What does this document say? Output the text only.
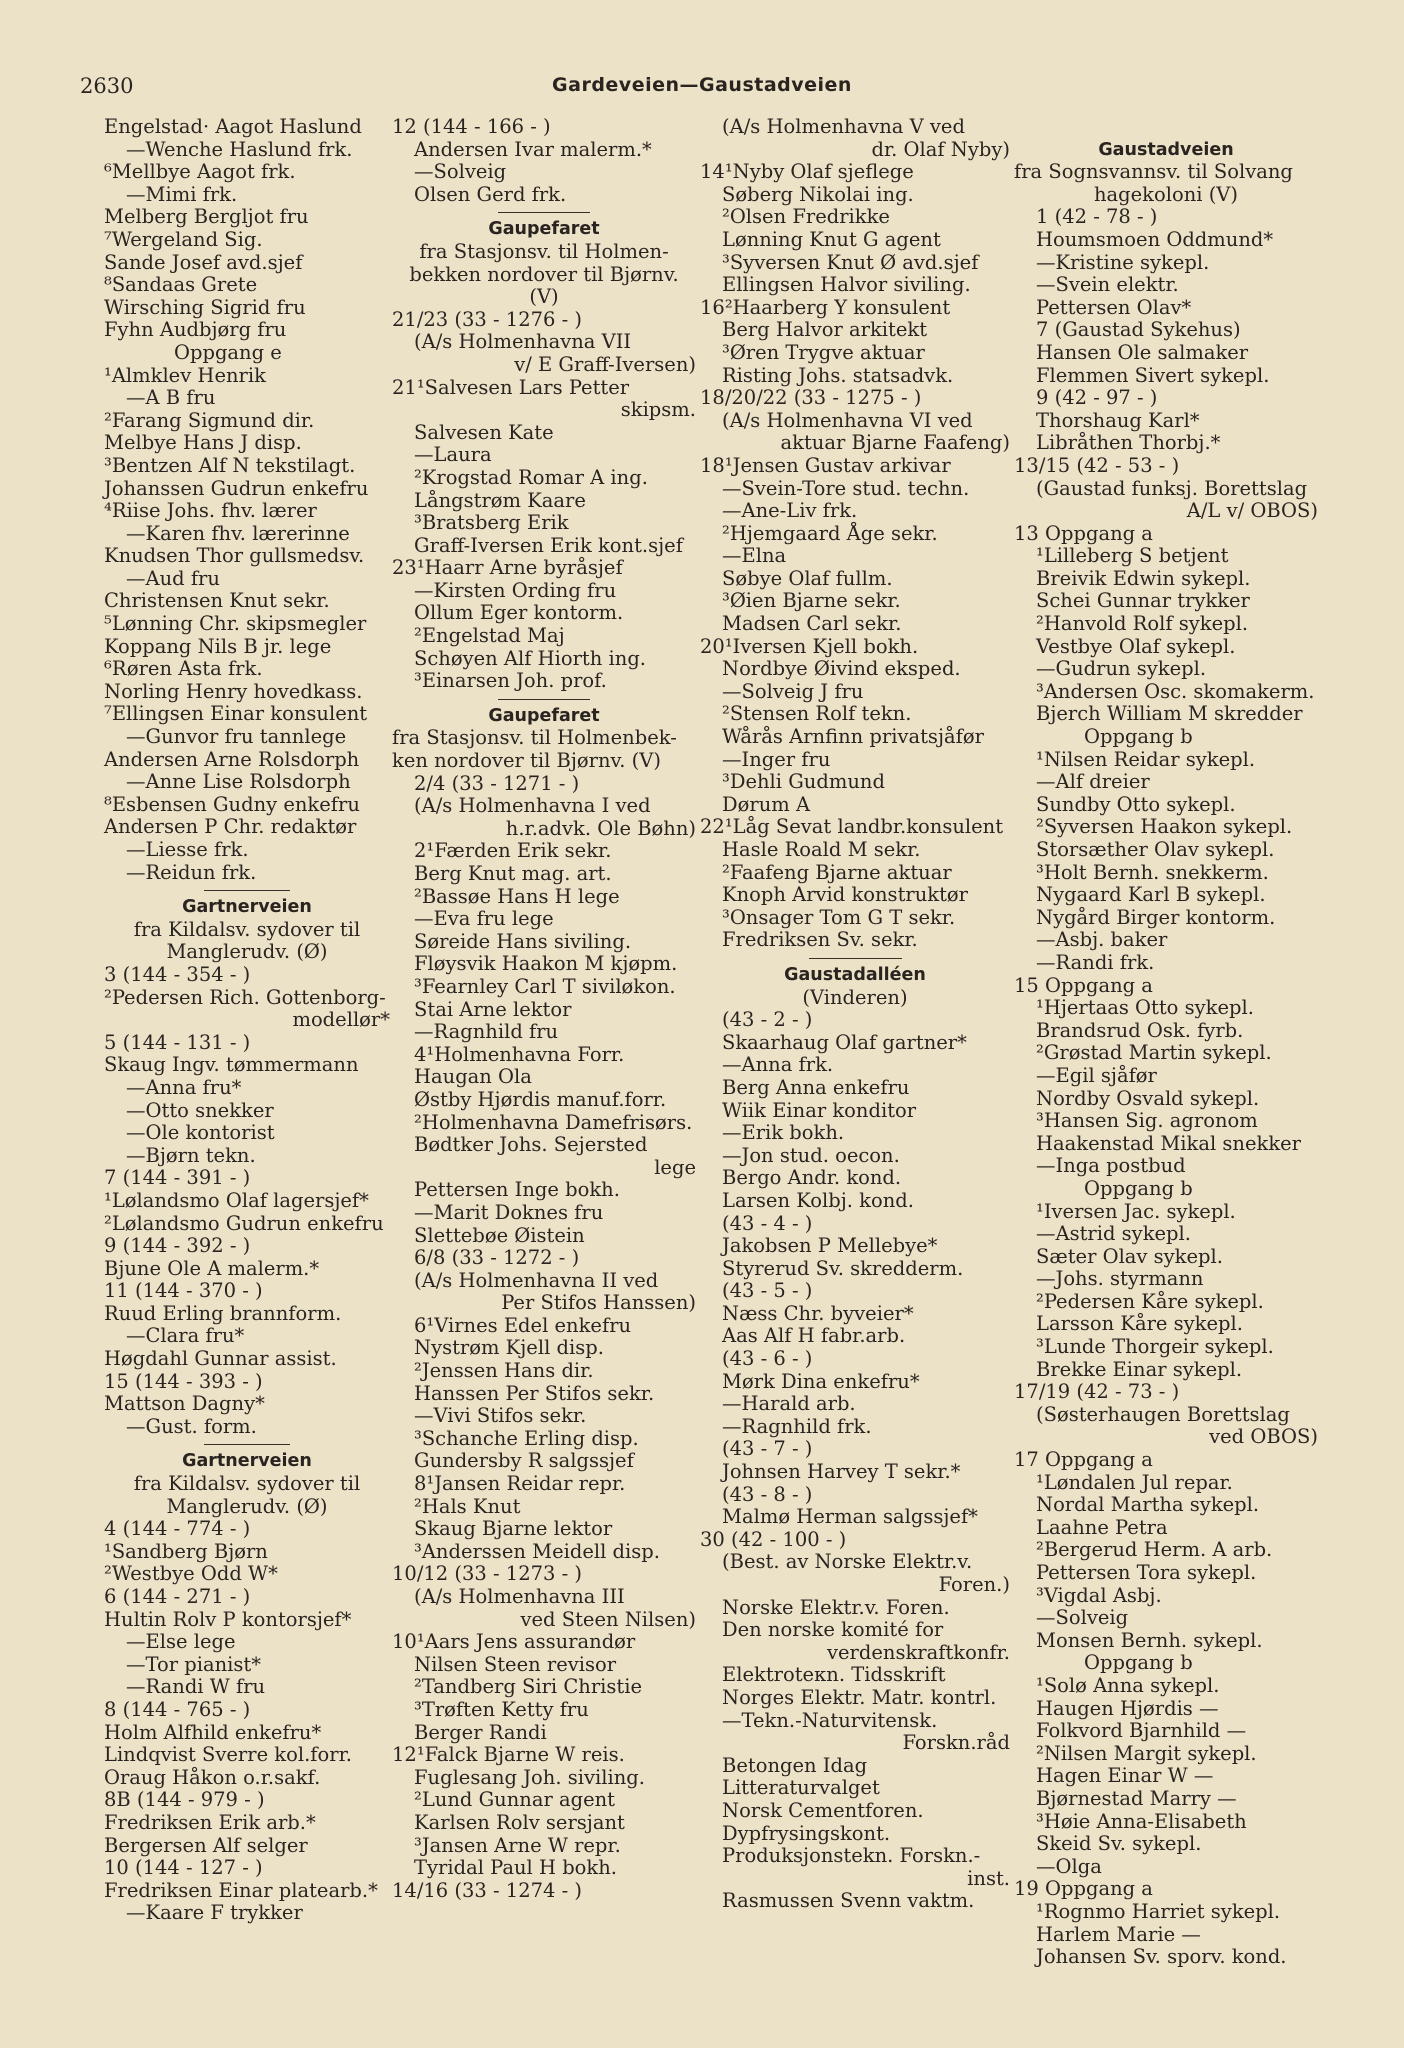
2630	Gardeveien—Gaustadveien
Engelstad· Aagot Haslund
—Wenche Haslund frk.
⁶Mellbye Aagot frk.
—Mimi frk.
Melberg Bergljot fru
⁷Wergeland Sig.
Sande Josef avd.sjef
⁸Sandaas Grete
Wirsching Sigrid fru
Fyhn Audbjørg fru
Oppgang e
¹Almklev Henrik
—A B fru
²Farang Sigmund dir.
Melbye Hans J disp.
³Bentzen Alf N tekstilagt.
Johanssen Gudrun enkefru
⁴Riise Johs. fhv. lærer
—Karen fhv. lærerinne
Knudsen Thor gullsmedsv.
—Aud fru
Christensen Knut sekr.
⁵Lønning Chr. skipsmegler
Koppang Nils B jr. lege
⁶Røren Asta frk.
Norling Henry hovedkass.
⁷Ellingsen Einar konsulent
—Gunvor fru tannlege
Andersen Arne Rolsdorph
—Anne Lise Rolsdorph
⁸Esbensen Gudny enkefru
Andersen P Chr. redaktør
—Liesse frk.
—Reidun frk.
Gartnerveien
fra Kildalsv. sydover til
Manglerudv. (Ø)
3 (144 - 354 - )
²Pedersen Rich. Gottenborg-
modellør*
5 (144 - 131 - )
Skaug Ingv. tømmermann
—Anna fru*
—Otto snekker
—Ole kontorist
—Bjørn tekn.
7 (144 - 391 - )
¹Lølandsmo Olaf lagersjef*
²Lølandsmo Gudrun enkefru
9 (144 - 392 - )
Bjune Ole A malerm.*
11 (144 - 370 - )
Ruud Erling brannform.
—Clara fru*
Høgdahl Gunnar assist.
15 (144 - 393 - )
Mattson Dagny*
—Gust. form.
Gartnerveien
fra Kildalsv. sydover til
Manglerudv. (Ø)
4 (144 - 774 - )
¹Sandberg Bjørn
²Westbye Odd W*
6 (144 - 271 - )
Hultin Rolv P kontorsjef*
—Else lege
—Tor pianist*
—Randi W fru
8 (144 - 765 - )
Holm Alfhild enkefru*
Lindqvist Sverre kol.forr.
Oraug Håkon o.r.sakf.
8B (144 - 979 - )
Fredriksen Erik arb.*
Bergersen Alf selger
10 (144 - 127 - )
Fredriksen Einar platearb.*
—Kaare F trykker
12 (144 - 166 - )
Andersen Ivar malerm.*
—Solveig
Olsen Gerd frk.
Gaupefaret
fra Stasjonsv. til Holmen-
bekken nordover til Bjørnv.
(V)
21/23 (33 - 1276 - )
(A/s Holmenhavna VII
v/ E Graff-Iversen)
21¹Salvesen Lars Petter
skipsm.
Salvesen Kate
—Laura
²Krogstad Romar A ing.
Långstrøm Kaare
³Bratsberg Erik
Graff-Iversen Erik kont.sjef
23¹Haarr Arne byråsjef
—Kirsten Ording fru
Ollum Eger kontorm.
²Engelstad Maj
Schøyen Alf Hiorth ing.
³Einarsen Joh. prof.
Gaupefaret
fra Stasjonsv. til Holmenbek-
ken nordover til Bjørnv. (V)
2/4 (33 - 1271 - )
(A/s Holmenhavna I ved
h.r.advk. Ole Bøhn)
2¹Færden Erik sekr.
Berg Knut mag. art.
²Bassøe Hans H lege
—Eva fru lege
Søreide Hans siviling.
Fløysvik Haakon M kjøpm.
³Fearnley Carl T siviløkon.
Stai Arne lektor
—Ragnhild fru
4¹Holmenhavna Forr.
Haugan Ola
Østby Hjørdis manuf.forr.
²Holmenhavna Damefrisørs.
Bødtker Johs. Sejersted
lege
Pettersen Inge bokh.
—Marit Doknes fru
Slettebøe Øistein
6/8 (33 - 1272 - )
(A/s Holmenhavna II ved
Per Stifos Hanssen)
6¹Virnes Edel enkefru
Nystrøm Kjell disp.
²Jenssen Hans dir.
Hanssen Per Stifos sekr.
—Vivi Stifos sekr.
³Schanche Erling disp.
Gundersby R salgssjef
8¹Jansen Reidar repr.
²Hals Knut
Skaug Bjarne lektor
³Anderssen Meidell disp.
10/12 (33 - 1273 - )
(A/s Holmenhavna III
ved Steen Nilsen)
10¹Aars Jens assurandør
Nilsen Steen revisor
²Tandberg Siri Christie
³Trøften Ketty fru
Berger Randi
12¹Falck Bjarne W reis.
Fuglesang Joh. siviling.
²Lund Gunnar agent
Karlsen Rolv sersjant
³Jansen Arne W repr.
Tyridal Paul H bokh.
14/16 (33 - 1274 - )
(A/s Holmenhavna V ved
dr. Olaf Nyby)
14¹Nyby Olaf sjeflege
Søberg Nikolai ing.
²Olsen Fredrikke
Lønning Knut G agent
³Syversen Knut Ø avd.sjef
Ellingsen Halvor siviling.
16²Haarberg Y konsulent
Berg Halvor arkitekt
³Øren Trygve aktuar
Risting Johs. statsadvk.
18/20/22 (33 - 1275 - )
(A/s Holmenhavna VI ved
aktuar Bjarne Faafeng)
18¹Jensen Gustav arkivar
—Svein-Tore stud. techn.
—Ane-Liv frk.
²Hjemgaard Åge sekr.
—Elna
Søbye Olaf fullm.
³Øien Bjarne sekr.
Madsen Carl sekr.
20¹Iversen Kjell bokh.
Nordbye Øivind eksped.
—Solveig J fru
²Stensen Rolf tekn.
Wårås Arnfinn privatsjåfør
—Inger fru
³Dehli Gudmund
Dørum A
22¹Låg Sevat landbr.konsulent
Hasle Roald M sekr.
²Faafeng Bjarne aktuar
Knoph Arvid konstruktør
³Onsager Tom G T sekr.
Fredriksen Sv. sekr.
Gaustadalléen
(Vinderen)
(43 - 2 - )
Skaarhaug Olaf gartner*
—Anna frk.
Berg Anna enkefru
Wiik Einar konditor
—Erik bokh.
—Jon stud. oecon.
Bergo Andr. kond.
Larsen Kolbj. kond.
(43 - 4 - )
Jakobsen P Mellebye*
Styrerud Sv. skredderm.
(43 - 5 - )
Næss Chr. byveier*
Aas Alf H fabr.arb.
(43 - 6 - )
Mørk Dina enkefru*
—Harald arb.
—Ragnhild frk.
(43 - 7 - )
Johnsen Harvey T sekr.*
(43 - 8 - )
Malmø Herman salgssjef*
30 (42 - 100 - )
(Best. av Norske Elektr.v.
Foren.)
Norske Elektr.v. Foren.
Den norske komité for
verdenskraftkonfr.
Elektroteкn. Tidsskrift
Norges Elektr. Matr. kontrl.
—Tekn.-Naturvitensk.
Forskn.råd
Betongen Idag
Litteraturvalget
Norsk Cementforen.
Dypfrysingskont.
Produksjonstekn. Forskn.-
inst.
Rasmussen Svenn vaktm.
Gaustadveien
fra Sognsvannsv. til Solvang
hagekoloni (V)
1 (42 - 78 - )
Houmsmoen Oddmund*
—Kristine sykepl.
—Svein elektr.
Pettersen Olav*
7 (Gaustad Sykehus)
Hansen Ole salmaker
Flemmen Sivert sykepl.
9 (42 - 97 - )
Thorshaug Karl*
Libråthen Thorbj.*
13/15 (42 - 53 - )
(Gaustad funksj. Borettslag
A/L v/ OBOS)
13 Oppgang a
¹Lilleberg S betjent
Breivik Edwin sykepl.
Schei Gunnar trykker
²Hanvold Rolf sykepl.
Vestbye Olaf sykepl.
—Gudrun sykepl.
³Andersen Osc. skomakerm.
Bjerch William M skredder
Oppgang b
¹Nilsen Reidar sykepl.
—Alf dreier
Sundby Otto sykepl.
²Syversen Haakon sykepl.
Storsæther Olav sykepl.
³Holt Bernh. snekkerm.
Nygaard Karl B sykepl.
Nygård Birger kontorm.
—Asbj. baker
—Randi frk.
15 Oppgang a
¹Hjertaas Otto sykepl.
Brandsrud Osk. fyrb.
²Grøstad Martin sykepl.
—Egil sjåfør
Nordby Osvald sykepl.
³Hansen Sig. agronom
Haakenstad Mikal snekker
—Inga postbud
Oppgang b
¹Iversen Jac. sykepl.
—Astrid sykepl.
Sæter Olav sykepl.
—Johs. styrmann
²Pedersen Kåre sykepl.
Larsson Kåre sykepl.
³Lunde Thorgeir sykepl.
Brekke Einar sykepl.
17/19 (42 - 73 - )
(Søsterhaugen Borettslag
ved OBOS)
17 Oppgang a
¹Løndalen Jul repar.
Nordal Martha sykepl.
Laahne Petra
²Bergerud Herm. A arb.
Pettersen Tora sykepl.
³Vigdal Asbj.
—Solveig
Monsen Bernh. sykepl.
Oppgang b
¹Solø Anna sykepl.
Haugen Hjørdis —
Folkvord Bjarnhild —
²Nilsen Margit sykepl.
Hagen Einar W —
Bjørnestad Marry —
³Høie Anna-Elisabeth
Skeid Sv. sykepl.
—Olga
19 Oppgang a
¹Rognmo Harriet sykepl.
Harlem Marie —
Johansen Sv. sporv. kond.
